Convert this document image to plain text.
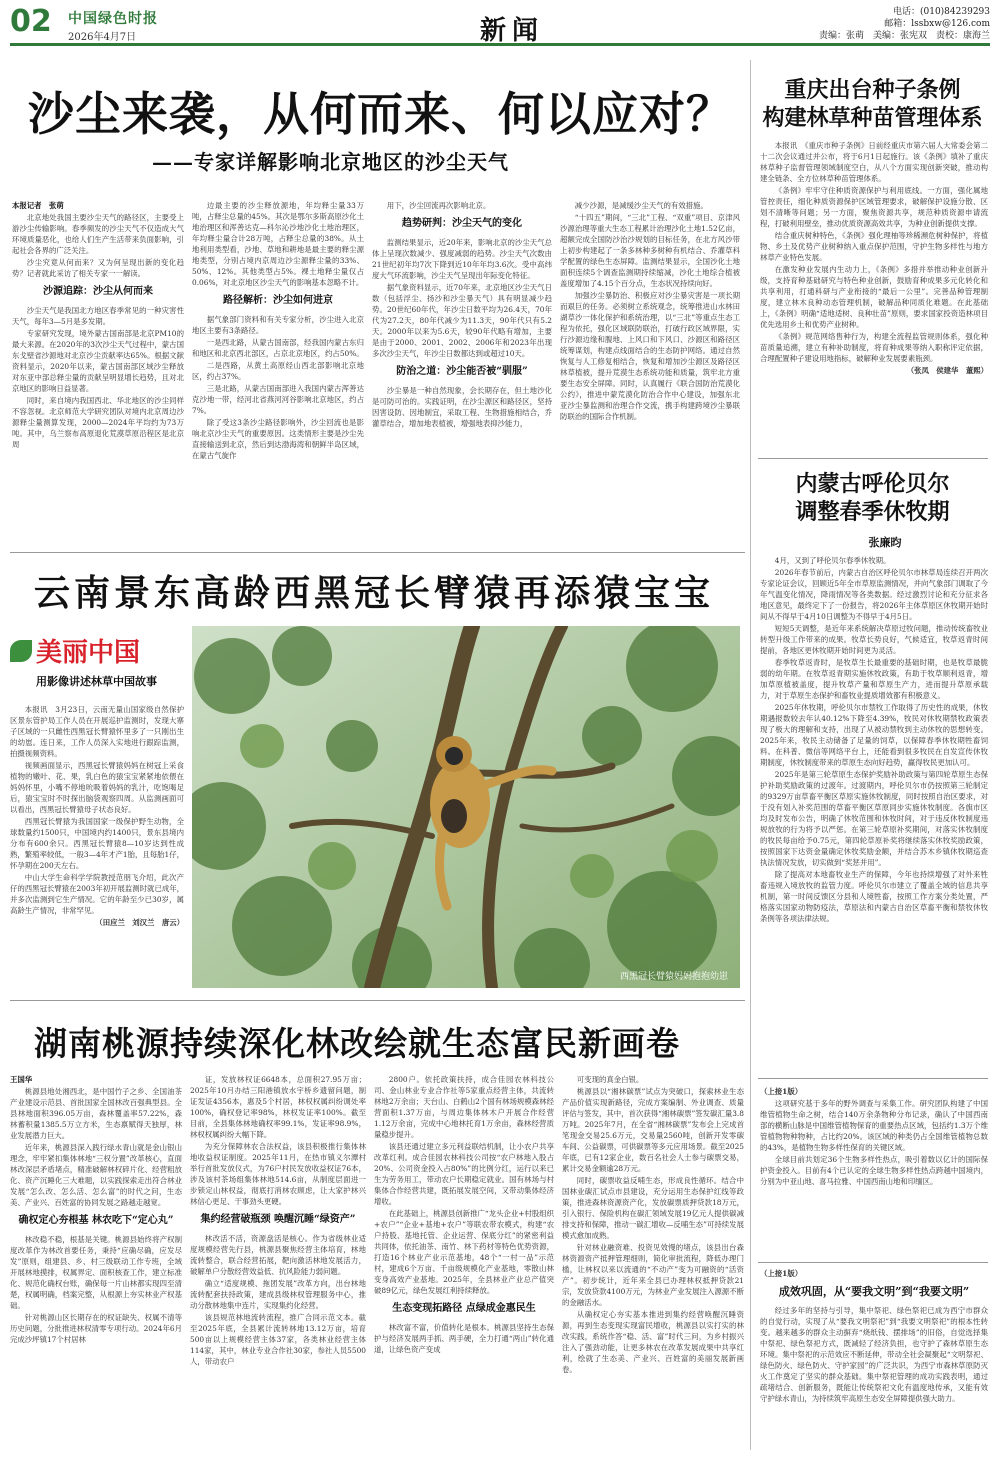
02 中国绿色时报
2026年4月7日	新闻
电话：(010)84239293
邮箱：lssbxw@126.com
责编：张萌　美编：张宪双　责校：康海兰
沙尘来袭，从何而来、何以应对？
——专家详解影响北京地区的沙尘天气

本报记者　张萌

北京地处我国主要沙尘天气的路径区，主要受上游沙尘传输影响。春季频发的沙尘天气不仅造成大气环境质量恶化，也给人们生产生活带来负面影响，引起社会各界的广泛关注。

沙尘究竟从何而来？又为何呈现出新的变化趋势？记者就此采访了相关专家一一解读。

沙源追踪：沙尘从何而来

沙尘天气是我国北方地区春季常见的一种灾害性天气，每年3—5月是多发期。

专家研究发现，境外蒙古国南部是北京PM10的最大来源。在2020年的3次沙尘天气过程中，蒙古国东戈壁省沙源地对北京沙尘贡献率达65%。根据文献资料显示，2020年以来，蒙古国南部区域沙尘释放对东亚中部总释尘量的贡献呈明显增长趋势，且对北京地区的影响日益显著。

同时，来自境内我国西北、华北地区的沙尘同样不容忽视。北京师范大学研究团队对境内北京周边沙源释尘量测算发现，2000—2024年平均约为73万吨。其中，乌兰察布高原退化荒漠草原沿程区是北京周

边最主要的沙尘释放源地，年均释尘量33万吨，占释尘总量的45%。其次是鄂尔多斯高原沙化土地治理区和浑善达克—科尔沁沙地沙化土地治理区，年均释尘量合计28万吨，占释尘总量的38%。从土地利用类型看，沙地、草地和耕地是最主要的释尘源地类型，分别占境内京周边沙尘源释尘量的33%、50%、12%。其他类型占5%。裸土地释尘量仅占0.06%，对北京地区沙尘天气的影响基本忽略不计。

路径解析：沙尘如何进京

据气象部门资料和有关专家分析，沙尘进入北京地区主要有3条路径。

一是西北路，从蒙古国南部，经我国内蒙古东归和地区和北京西北部区，占京北京地区，约占50%。

二是西路，从黄土高原经山西北部影响北京地区，约占37%。

三是北路，从蒙古国南部进入我国内蒙古浑善达克沙地一带，经河北省燕河河谷影响北京地区，约占7%。

除了受这3条沙尘路径影响外，沙尘回流也是影响北京沙尘天气的重要原因。这类情形主要是沙尘先直接输送到北京，然后到达渤海湾和朝鲜半岛区域，在蒙古气旋作

用下，沙尘回流再次影响北京。

趋势研判：沙尘天气的变化

监测结果显示，近20年来，影响北京的沙尘天气总体上呈现次数减少、强度减弱的趋势。沙尘天气次数由21世纪初年均7次下降到近10年年均3.6次。受中高纬度大气环流影响，沙尘天气呈现出年际变化特征。

据气象资料显示，近70年来，北京地区沙尘天气日数（包括浮尘、扬沙和沙尘暴天气）具有明显减少趋势。20世纪60年代，年沙尘日数平均为26.4天，70年代为27.2天，80年代减少为11.3天，90年代只有5.2天。2000年以来为5.6天，较90年代略有增加，主要是由于2000、2001、2002、2006年和2023年出现多次沙尘天气，年沙尘日数都达到或超过10天。

防治之道：沙尘能否被“驯服”

沙尘暴是一种自然现象，会长期存在，但土地沙化是可防可治的。实践证明，在沙尘源区和路径区，坚持因害设防、因地制宜，采取工程、生物措施相结合，乔灌草结合，增加地表植被，增强地表抑沙能力，

减少沙源，是减缓沙尘天气的有效措施。

“十四五”期间，“三北”工程、“双重”项目、京津风沙源治理等重大生态工程累计治理沙化土地1.52亿亩，超额完成全国防沙治沙规划的目标任务，在北方风沙带上初步构建起了一条多林种多树种有机结合、乔灌草科学配置的绿色生态屏障。监测结果显示，全国沙化土地面积连续5个调查监测期持续缩减，沙化土地综合植被盖度增加了4.15个百分点，生态状况持续向好。

加强沙尘暴防治、积极应对沙尘暴灾害是一项长期而艰巨的任务。必须树立系统观念，统筹推进山水林田湖草沙一体化保护和系统治理，以“三北”等重点生态工程为依托，强化区域联防联治，打破行政区域界限，实行沙源边缘和腹地、上风口和下风口、沙源区和路径区统筹谋划，构建点线面结合的生态防护网络。通过自然恢复与人工修复相结合，恢复和增加沙尘源区及路径区林草植被，提升荒漠生态系统功能和质量，筑牢北方重要生态安全屏障。同时，认真履行《联合国防治荒漠化公约》，推进中蒙荒漠化防治合作中心建设，加强东北亚沙尘暴监测和治理合作交流，携手构建跨境沙尘暴联防联治的国际合作机制。

重庆出台种子条例
构建林草种苗管理体系

本报讯　《重庆市种子条例》日前经重庆市第六届人大常委会第二十二次会议通过并公布，将于6月1日起施行。该《条例》填补了重庆林草种子监督管理领域制度空白，从八个方面实现创新突破，推动构建全链条、全方位林草种苗管理体系。

《条例》牢牢守住种质资源保护与利用底线。一方面，强化属地管控责任，细化种质资源保护区域管理要求，破解保护设施分散、区划不清晰等问题；另一方面，聚焦资源共享，规范种质资源申请流程，打破利用壁垒，推动优质资源高效共享，为种业创新提供支撑。

结合重庆树种特色，《条例》强化理柚等珍稀濒危树种保护，将植物、乡土及优势产业树种纳入重点保护范围，守护生物多样性与地方林草产业特色发展。

在激发种业发展内生动力上，《条例》多措并举推动种业创新升级，支持育种基础研究与特色种业创新，鼓励育种成果多元化转化和共享利用，打通科研与产业衔接的“最后一公里”。完善品种管理制度，建立林木良种动态管理机制，破解品种同质化难题。在此基础上，《条例》明确“适地适树、良种壮苗”原则，要求国家投资造林项目优先选用乡土和优势产业树种。

《条例》规范网络售种行为，构建全流程监管规则体系，强化种苗质量追溯，建立有种补助制度，将育种成果等纳入职称评定依据，合理配置种子建设用地指标，破解种业发展要素瓶颈。

（张凤　侯建华　董熙）

内蒙古呼伦贝尔
调整春季休牧期

张廉昀

4月，又到了呼伦贝尔春季休牧期。

2026年春节前后，内蒙古自治区呼伦贝尔市林草局连续召开两次专家论证会议，回顾近5年全市草原监测情况，并向气象部门调取了今年气温变化情况，降雨情况等各类数据。经过激烈讨论和充分征求各地区意见，最终定下了一份报告，将2026年主体草原区休牧期开始时间从不得早于4月10日调整为不得早于4月5日。

短短5天调整，是近年来系统解决草原过牧问题，推动传统畜牧业转型升级工作带来的成果。牧草长势良好，气候适宜，牧草返青时间提前，各地区更休牧期开始时间更为灵活。

春季牧草返青时，是牧草生长最重要的基础时期，也是牧草最脆弱的幼年期。在牧草返青期实施休牧政策，有助于牧草顺利返青，增加草原植被盖度，提升牧草产量和草原生产力，进而提升草原承载力，对于草原生态保护和畜牧业提质增效都有积极意义。

2025年休牧期，呼伦贝尔市禁牧工作取得了历史性的成果，休牧期遇报数较去年认40.12%下降至4.39%，牧民对休牧期禁牧政策表现了极大的理解和支持，出现了从被动禁牧到主动休牧的思想转变。2025年来，牧民主动储备了足量的饲草，以保障春季休牧期牲畜饲料。在科普、微信等网络平台上，还能看到很多牧民在自发宣传休牧期制度，休牧制度带来的草原生态向好趋势，赢得牧民更加认可。

2025年是第三轮草原生态保护奖励补助政策与第四轮草原生态保护补助奖励政策的过渡年。过渡期内，呼伦贝尔市仍按照第三轮制定的9329万亩草畜平衡区草原实施休牧制度，同时按照自治区要求，对于没有划入补奖范围的草畜平衡区草原同步实施休牧制度。各旗市区均及时发布公告，明确了休牧范围和休牧时间，对于违反休牧制度违规放牧的行为将予以严惩。在第三轮草原补奖期间，对落实休牧制度的牧民每亩给予0.75元，第四轮草原补奖将继续落实休牧奖励政策，按照国家下达资金量确定休牧奖励金额，并结合苏木乡镇休牧期巡查执法情况发放，切实做到“奖惩并用”。

除了提高对本地畜牧业生产的保障，今年也持续增强了对外来牲畜违规入境放牧的监管力度。呼伦贝尔市建立了覆盖全域的信息共享机制，第一时间反馈区分县和人境牲畜，按照工作方案分类处置，严格落实国家动物防疫法，草原法和内蒙古自治区草畜平衡和禁牧休牧条例等各项法律法规。

云南景东高龄西黑冠长臂猿再添猿宝宝
美丽中国
用影像讲述林草中国故事

本报讯　3月23日，云南无量山国家级自然保护区景东管护局工作人员在开展巡护监测时，发现大寨子区域的一只雌性西黑冠长臂猿怀里多了一只刚出生的幼崽。连日来，工作人员深入实地进行跟踪监测，拍摄视频资料。

视频画面显示，西黑冠长臂猿妈妈在树冠上采食植物的嫩叶、花、果，乳白色的猿宝宝紧紧地依偎在妈妈怀里，小嘴不停地吮吸着妈妈的乳汁，吃饱喝足后，猿宝宝时不时探出脑袋观察四周。从监测画面可以看出，西黑冠长臂猿母子状态良好。

西黑冠长臂猿为我国国家一级保护野生动物，全球数量约1500只，中国境内约1400只，景东县境内分布有600余只。西黑冠长臂猿8—10岁达到性成熟，繁殖率较低，一般3—4年才产1胎，且每胎1仔，怀孕期在200天左右。

中山大学生命科学学院教授范朋飞介绍，此次产仔的西黑冠长臂猿在2003年初开展监测时就已成年，并多次监测到它生产情况。它的年龄至少已30岁，属高龄生产情况，非常罕见。

（田应兰　刘汉兰　唐云）

西黑冠长臂猿妈妈抱抱幼崽
湖南桃源持续深化林改绘就生态富民新画卷

王国华

桃源县地处湘西北，是中国竹子之乡、全国油茶产业建设示范县、首批国家全国林改百强典型县。全县林地面积396.05万亩，森林覆盖率57.22%，森林蓄积量1385.5万立方米，生态禀赋得天独厚，林业发展潜力巨大。

近年来，桃源县深入践行绿水青山就是金山银山理念，牢牢紧扣集体林地“三权分置”改革核心，直面林改深层矛盾堵点，精准破解林权碎片化、经营粗放化、资产沉睡化三大难题，以实践探索走出符合林业发展“怎么改、怎么活、怎么富”的时代之问，生态美、产业兴、百姓富的协同发展之路越走越宽。

确权定心夯根基 林农吃下“定心丸”

林改稳不稳，根基是关键。桃源县始终将产权制度改革作为林改首要任务，秉持“应确尽确，应发尽发”原则，组建县、乡、村三级联动工作专班，全域开展林地摸排，权属界定、面积核查工作，建立标准化、规范化确权台账，确保每一片山林都实现四至清楚，权属明确，档案完整，从根源上夯实林业产权基础。

针对桃源山区长期存在的权证缺失、权属不清等历史问题，分批推进林权清零专项行动。2024年6月完成沙坪镇17个村居林

证，发放林权证6648本，总面积27.95万亩；2025年10月办结三阳港镇放水宇桥乡遗留问题，制证发证4356本，惠及5个村居，林权权属纠纷调处率100%，确权登记率98%，林权发证率100%。截至目前，全县集体林地确权率99.1%，发证率98.9%，林权权属纠纷大幅下降。

为充分保障林农合法权益，该县积极推行集体林地收益权证制度。2025年11月，在热市镇义尔潭村举行首批发放仪式，为76户村民发放收益权证76本，涉及该村茶场组集体林地514.6亩，从制度层面进一步锁定山林权益，彻底打消林农顾虑，让大家护林兴林信心更足、干事劲头更硬。

集约经营破瓶颈 唤醒沉睡“绿资产”

林改活不活，资源盘活是核心。作为省级林业适度规模经营先行县，桃源县聚焦经营主体培育，林地流转整合，联合经营拓展，靶向激活林地发展活力，破解单户分散经营效益低、抗风险能力弱问题。

确立“适度规模、拖团发展”改革方向，出台林地流转配套扶持政策，建成县级林权管理服务中心，推动分散林地集中连片，实现集约化经营。

该县规范林地流转流程，推广合同示范文本。截至2025年底，全县累计流转林地13.12万亩，培育500亩以上规模经营主体37家，各类林业经营主体114家，其中，林业专业合作社30家，参社人员5500人，带动农户

2800户。依托政策扶持，成合佳园农林科技公司、金山林业专业合作社等5家重点经营主体，共流转林地2万余亩；天台山、白鹤山2个国有林场规模森林经营面积1.37万亩，与周边集体林木户开展合作经营1.12万余亩，完成中心地林托育1万余亩，森林经营质量稳步提升。

该县还通过建立多元利益联结机制，让小农户共享改革红利。成合佳园农林科技公司按“农户林地入股占20%、公司资金投入占80%”的比例分红，运行以来已生为劳务用工，带动农户长期稳定就业。国有林场与村集体合作经营共建，既拓展发展空间，又带动集体经济增收。

在此基础上，桃源县创新推广“龙头企业+村股组织+农户”“企业+基地+农户”等联农带农模式，构建“农户持股、基地托管、企业运营、保底分红”的紧密利益共同体，依托油茶、南竹、林下药材等特色优势资源，打造16个林业产业示范基地，48个“一村一品”示范村，建成6个万亩、千亩级规模化产业基地，零散山林变身高效产业基地。2025年，全县林业产业总产值突破89亿元，绿色发展红利持续释放。

生态变现拓路径 点绿成金惠民生

林改富不富，价值转化是根本。桃源县坚持生态保护与经济发展两手抓、两手硬，全力打通“两山”转化通道，让绿色资产变成

可变现的真金白银。

桃源县以“湘林碳票”试点为突破口，探索林业生态产品价值实现新路径，完成方案编制、外业调查、质量评估与签发，其中，首次获得“湘林碳票”签发碳汇量3.8万吨。2025年7月，在全省“湘林碳票”发布会上完成首笔现金交易25.6万元，交易量2560吨，创新开发零碳车间、公益碳票，可供碳票等多元应用场景。截至2025年底，已有12家企业，数百名社会人士参与碳票交易，累计交易金额逾28万元。

同时，碳票收益反哺生态，形成良性循环。结合中国林业碳汇试点市县建设，充分运用生态保护红线等政策，推进森林资源资产化，发放碳票质押贷款18万元，引入银行、保险机构在碳汇领域发展19亿元人提供碳减排支持和保障，推动一碳汇增收—反哺生态”可持续发展模式愈加成熟。

针对林业融资难、投资见效慢的堵点，该县出台森林资源资产抵押管理细则，简化审批流程，降低办理门槛，让林权以来以流通的“不动产”变为可融资的“活资产”。初步统计，近年来全县已办理林权抵押贷款21宗，发放贷款4100万元，为林业产业发展注入源源不断的金融活水。

从确权定心夯实基本推进到集约经营唤醒沉睡资源，再到生态变现实现富民增收，桃源县以实打实的林改实践，系统作答“稳、活、富”时代三问，为乡村振兴注入了强劲动能，让更多林农在改革发展成果中共享红利，绘就了生态美、产业兴、百姓富的美丽发展新画卷。

（上接1版）

这项研究基于多年的野外调查与采集工作。研究团队构建了中国维管植物生命之树，结合140万余条物种分布记录，确认了中国西南部的横断山脉是中国维管植物保育的重要热点区域，包括约1.3万个维管植物物种物种，占比约20%。该区域的种类仍占全国维管植物总数的43%，是植物生物多样性保育的关键区域。

全球目前共划定36个生物多样性热点，吸引着数以亿计的国际保护资金投入。目前有4个已认定的全球生物多样性热点跨越中国境内，分别为中亚山地、喜马拉雅、中国西南山地和印缅区。

（上接1版）

成效巩固，从“要我文明”到“我要文明”

经过多年的坚持与引导，集中祭祀、绿色祭祀已成为西宁市群众的自觉行动，实现了从“要我文明祭祀”到“我要文明祭祀”的根本性转变。越来越多的群众主动摒弃“烧纸钱、摆排场”的旧俗，自觉选择集中祭祀、绿色祭祀方式，既减轻了经济负担，也守护了森林草原生态环境。集中祭祀的示范效应不断延伸，带动全社会凝聚起“文明祭祀、绿色防火、绿色防火、守护家园”的广泛共识，为西宁市森林草原防灭火工作奠定了坚实的群众基础。集中祭祀管理的成功实践表明，通过疏堵结合、创新服务，既能让传统祭祀文化有温度地传承，又能有效守护绿水青山，为持续筑牢高原生态安全屏障提供强大助力。
